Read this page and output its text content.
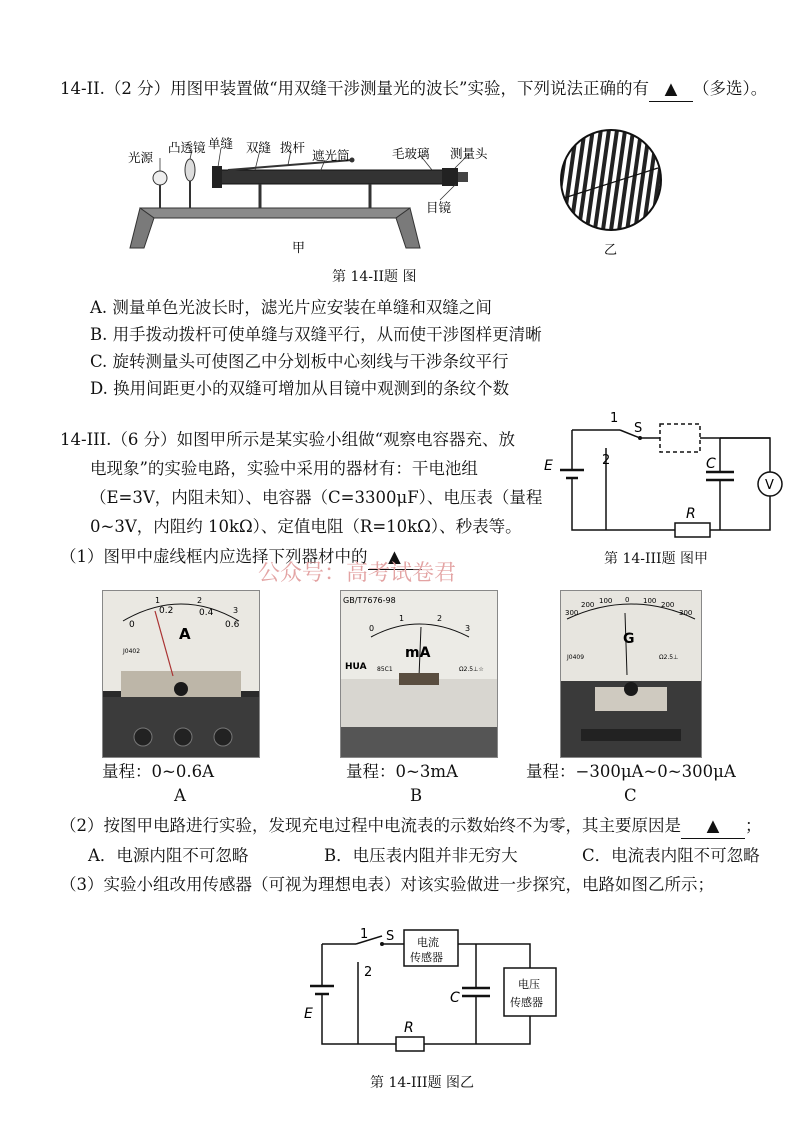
14-II.（2 分）用图甲装置做“用双缝干涉测量光的波长”实验，下列说法正确的有 ▲ （多选）。
光源
凸透镜 单缝 双缝 拨杆
遮光筒	毛玻璃 测量头
目镜
甲	乙
第 14-II题 图
A. 测量单色光波长时，滤光片应安装在单缝和双缝之间
B. 用手拨动拨杆可使单缝与双缝平行，从而使干涉图样更清晰
C. 旋转测量头可使图乙中分划板中心刻线与干涉条纹平行
D. 换用间距更小的双缝可增加从目镜中观测到的条纹个数
14-III.（6 分）如图甲所示是某实验小组做“观察电容器充、放
电现象”的实验电路，实验中采用的器材有：干电池组
（E=3V，内阻未知）、电容器（C=3300μF）、电压表（量程
0~3V，内阻约 10kΩ）、定值电阻（R=10kΩ）、秒表等。
1
2
S
E	C
R
V
第 14-III题 图甲
（1）图甲中虚线框内应选择下列器材中的 ▲
公众号：高考试卷君
A
0
0.2	0.4
0.6
1	2
3
J0402	mA
GB/T7676-98
HUA 85C1	Ω2.5⊥☆
0
1	2
3
G
300
200 100 0 100 200
300
J0409	Ω2.5⊥
量程：0~0.6A
A
量程：0~3mA
B
量程：−300μA~0~300μA
C
（2）按图甲电路进行实验，发现充电过程中电流表的示数始终不为零，其主要原因是 ▲ ；
A．电源内阻不可忽略	B．电压表内阻并非无穷大	C．电流表内阻不可忽略
（3）实验小组改用传感器（可视为理想电表）对该实验做进一步探究，电路如图乙所示；
1
2
S
E
C
R
电流
传感器
电压
传感器
第 14-III题 图乙
